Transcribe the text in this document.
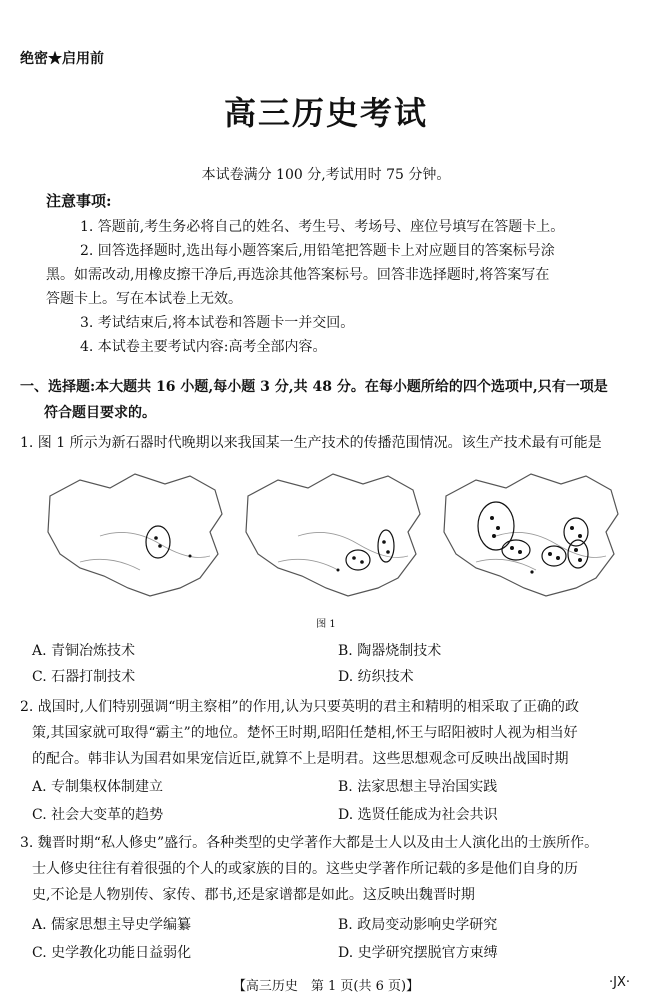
绝密★启用前
高三历史考试
本试卷满分 100 分,考试用时 75 分钟。
注意事项:
1. 答题前,考生务必将自己的姓名、考生号、考场号、座位号填写在答题卡上。
2. 回答选择题时,选出每小题答案后,用铅笔把答题卡上对应题目的答案标号涂
黑。如需改动,用橡皮擦干净后,再选涂其他答案标号。回答非选择题时,将答案写在
答题卡上。写在本试卷上无效。
3. 考试结束后,将本试卷和答题卡一并交回。
4. 本试卷主要考试内容:高考全部内容。
一、选择题:本大题共 16 小题,每小题 3 分,共 48 分。在每小题所给的四个选项中,只有一项是
符合题目要求的。
1. 图 1 所示为新石器时代晚期以来我国某一生产技术的传播范围情况。该生产技术最有可能是
图 1
A. 青铜冶炼技术	B. 陶器烧制技术
C. 石器打制技术	D. 纺织技术
2. 战国时,人们特别强调“明主察相”的作用,认为只要英明的君主和精明的相采取了正确的政
策,其国家就可取得“霸主”的地位。楚怀王时期,昭阳任楚相,怀王与昭阳被时人视为相当好
的配合。韩非认为国君如果宠信近臣,就算不上是明君。这些思想观念可反映出战国时期
A. 专制集权体制建立	B. 法家思想主导治国实践
C. 社会大变革的趋势	D. 选贤任能成为社会共识
3. 魏晋时期“私人修史”盛行。各种类型的史学著作大都是士人以及由士人演化出的士族所作。
士人修史往往有着很强的个人的或家族的目的。这些史学著作所记载的多是他们自身的历
史,不论是人物别传、家传、郡书,还是家谱都是如此。这反映出魏晋时期
A. 儒家思想主导史学编纂	B. 政局变动影响史学研究
C. 史学教化功能日益弱化	D. 史学研究摆脱官方束缚
【高三历史　第 1 页(共 6 页)】	·JX·
